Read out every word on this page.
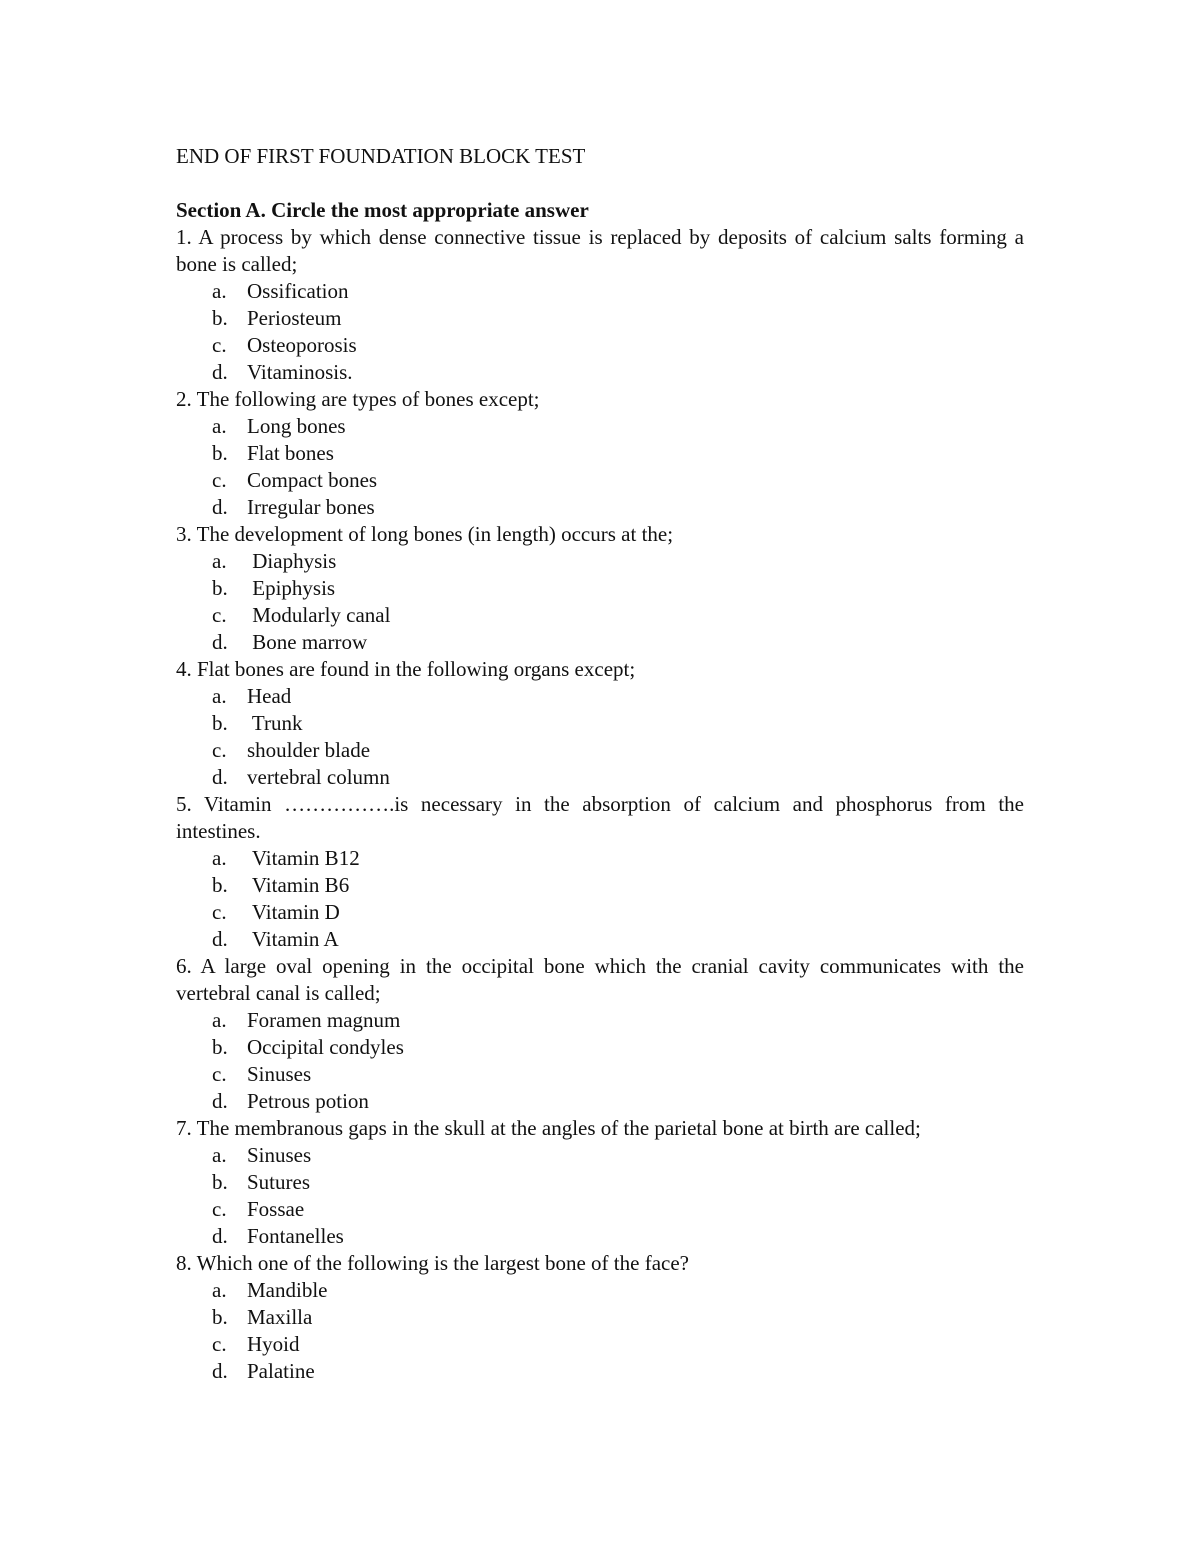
END OF FIRST FOUNDATION BLOCK TEST
Section A. Circle the most appropriate answer
1. A process by which dense connective tissue is replaced by deposits of calcium salts forming a bone is called;
a. Ossification
b. Periosteum
c. Osteoporosis
d. Vitaminosis.
2. The following are types of bones except;
a. Long bones
b. Flat bones
c. Compact bones
d. Irregular bones
3. The development of long bones (in length) occurs at the;
a. Diaphysis
b. Epiphysis
c. Modularly canal
d. Bone marrow
4. Flat bones are found in the following organs except;
a. Head
b. Trunk
c. shoulder blade
d. vertebral column
5. Vitamin …………….is necessary in the absorption of calcium and phosphorus from the intestines.
a. Vitamin B12
b. Vitamin B6
c. Vitamin D
d. Vitamin A
6. A large oval opening in the occipital bone which the cranial cavity communicates with the vertebral canal is called;
a. Foramen magnum
b. Occipital condyles
c. Sinuses
d. Petrous potion
7. The membranous gaps in the skull at the angles of the parietal bone at birth are called;
a. Sinuses
b. Sutures
c. Fossae
d. Fontanelles
8. Which one of the following is the largest bone of the face?
a. Mandible
b. Maxilla
c. Hyoid
d. Palatine
